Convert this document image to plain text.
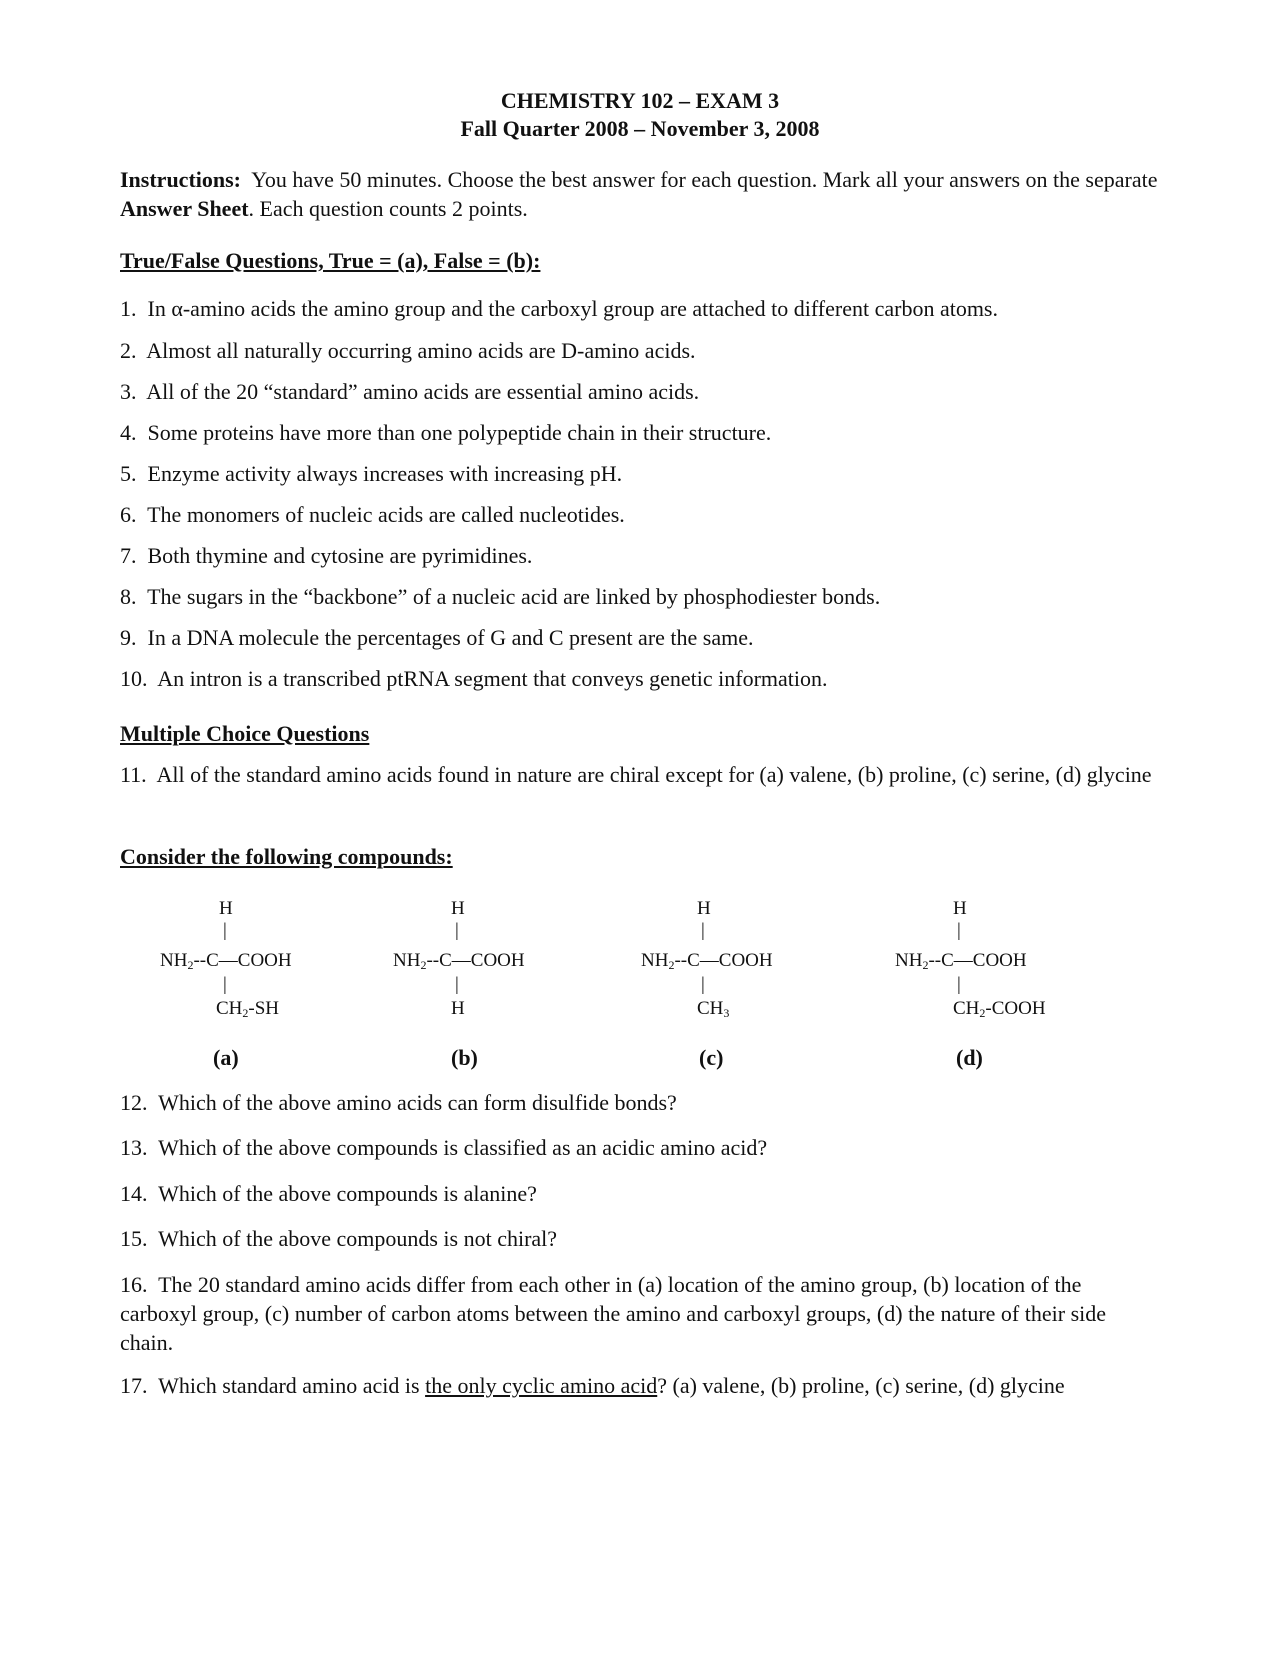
CHEMISTRY 102 – EXAM 3
Fall Quarter 2008 – November 3, 2008
Instructions: You have 50 minutes. Choose the best answer for each question. Mark all your answers on the separate Answer Sheet. Each question counts 2 points.
True/False Questions, True = (a), False = (b):
1. In α-amino acids the amino group and the carboxyl group are attached to different carbon atoms.
2. Almost all naturally occurring amino acids are D-amino acids.
3. All of the 20 “standard” amino acids are essential amino acids.
4. Some proteins have more than one polypeptide chain in their structure.
5. Enzyme activity always increases with increasing pH.
6. The monomers of nucleic acids are called nucleotides.
7. Both thymine and cytosine are pyrimidines.
8. The sugars in the “backbone” of a nucleic acid are linked by phosphodiester bonds.
9. In a DNA molecule the percentages of G and C present are the same.
10. An intron is a transcribed ptRNA segment that conveys genetic information.
Multiple Choice Questions
11. All of the standard amino acids found in nature are chiral except for (a) valene, (b) proline, (c) serine, (d) glycine
Consider the following compounds:
H
|
$NH_2--C—COOH$
|
$CH_2-SH$
(a)
H
|
$NH_2--C—COOH$
|
H
(b)
H
|
$NH_2--C—COOH$
|
$CH_3$
(c)
H
|
$NH_2--C—COOH$
|
$CH_2$-COOH
(d)
12. Which of the above amino acids can form disulfide bonds?
13. Which of the above compounds is classified as an acidic amino acid?
14. Which of the above compounds is alanine?
15. Which of the above compounds is not chiral?
16. The 20 standard amino acids differ from each other in (a) location of the amino group, (b) location of the carboxyl group, (c) number of carbon atoms between the amino and carboxyl groups, (d) the nature of their side chain.
17. Which standard amino acid is the only cyclic amino acid? (a) valene, (b) proline, (c) serine, (d) glycine
